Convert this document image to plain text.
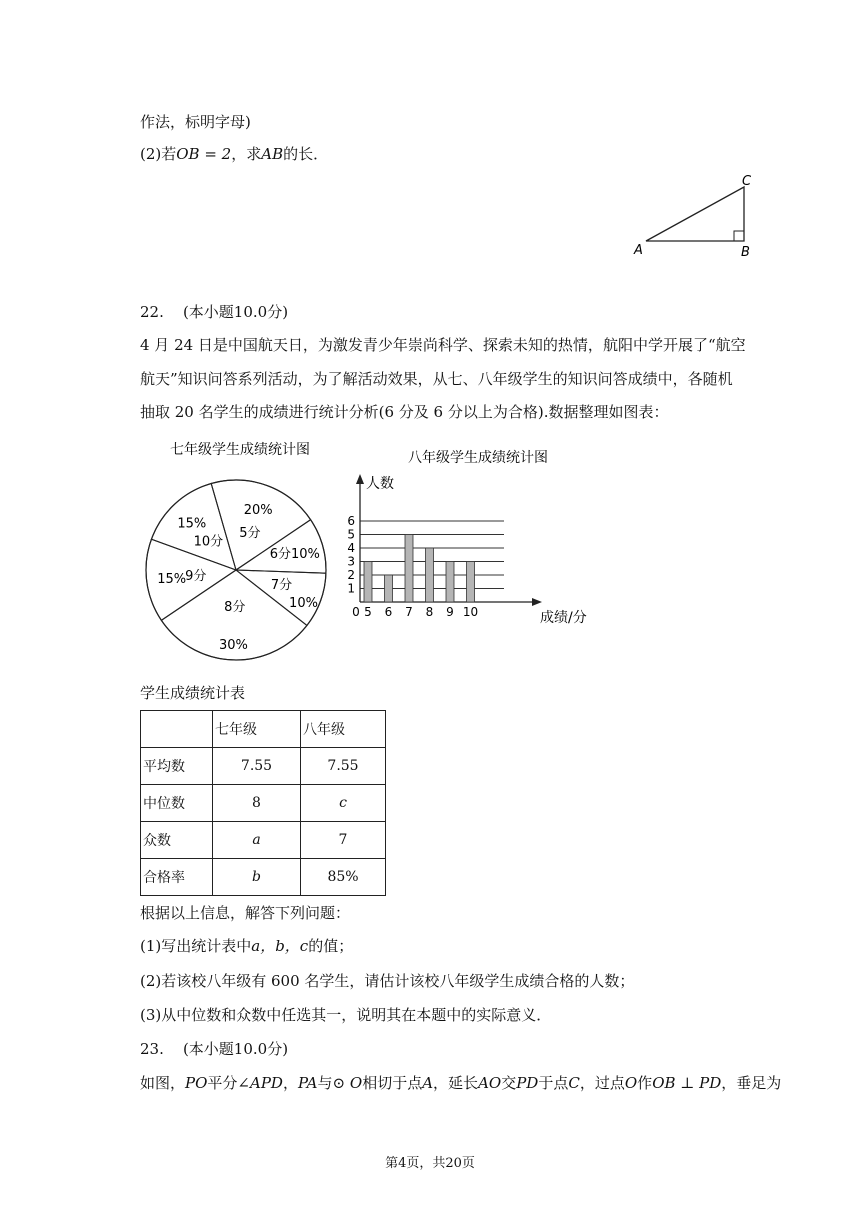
作法，标明字母)
(2)若OB = 2，求AB的长．
A	B
C
22. (本小题10.0分)
4 月 24 日是中国航天日，为激发青少年崇尚科学、探索未知的热情，航阳中学开展了“航空
航天”知识问答系列活动，为了解活动效果，从七、八年级学生的知识问答成绩中，各随机
抽取 20 名学生的成绩进行统计分析(6 分及 6 分以上为合格).数据整理如图表：
七年级学生成绩统计图
20%
5分
6分10%
7分
10%
30%
8分
15% 9分
15%
10分
八年级学生成绩统计图
1
2
3
4
5
6
人数
成绩/分
0 5 6 7 8 9 10
学生成绩统计表
	七年级	八年级
平均数	7.55	7.55
中位数	8	c
众数	a	7
合格率	b	85%
根据以上信息，解答下列问题：
(1)写出统计表中a，b，c的值；
(2)若该校八年级有 600 名学生，请估计该校八年级学生成绩合格的人数；
(3)从中位数和众数中任选其一，说明其在本题中的实际意义．
23. (本小题10.0分)
如图，PO平分∠APD，PA与⊙ O相切于点A，延长AO交PD于点C，过点O作OB ⊥ PD，垂足为
第4页，共20页
